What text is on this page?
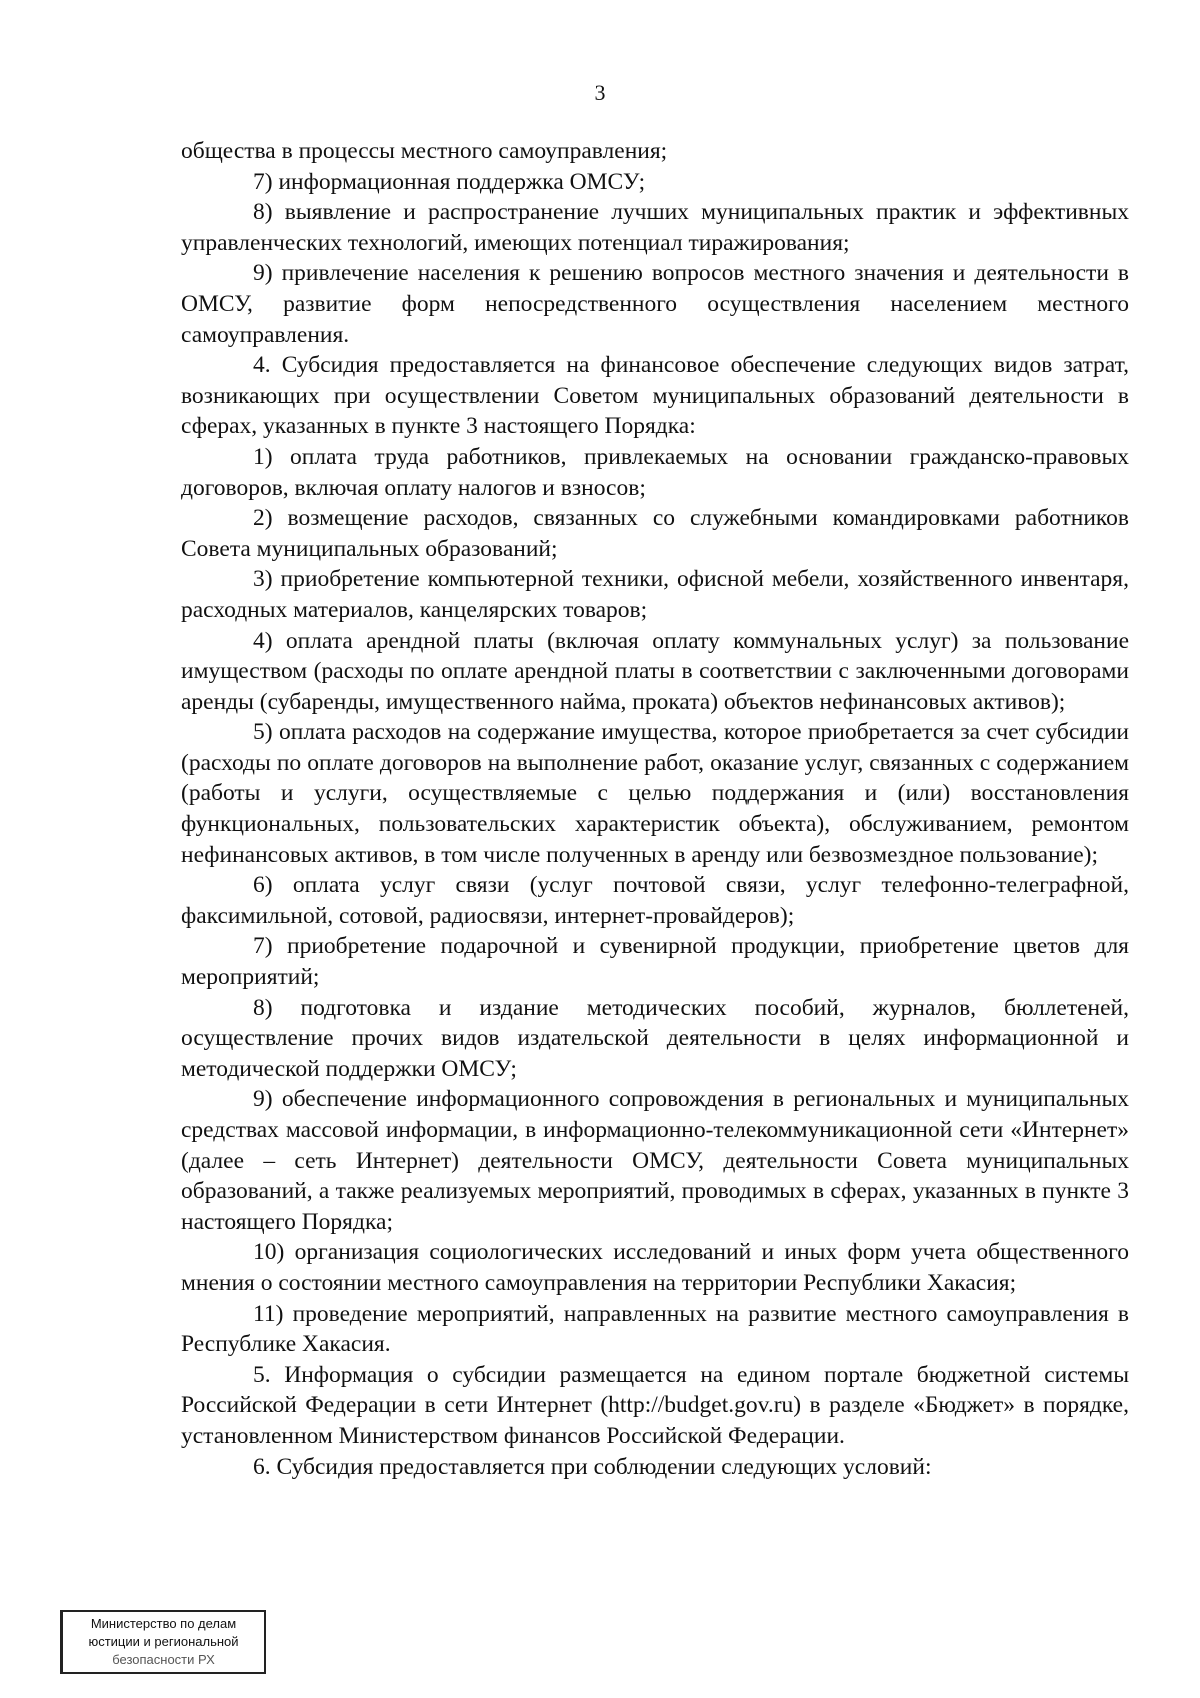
3

общества в процессы местного самоуправления;

7) информационная поддержка ОМСУ;

8) выявление и распространение лучших муниципальных практик и эффективных управленческих технологий, имеющих потенциал тиражирования;

9) привлечение населения к решению вопросов местного значения и деятельности в ОМСУ, развитие форм непосредственного осуществления населением местного самоуправления.

4. Субсидия предоставляется на финансовое обеспечение следующих видов затрат, возникающих при осуществлении Советом муниципальных образований деятельности в сферах, указанных в пункте 3 настоящего Порядка:

1) оплата труда работников, привлекаемых на основании гражданско-правовых договоров, включая оплату налогов и взносов;

2) возмещение расходов, связанных со служебными командировками работников Совета муниципальных образований;

3) приобретение компьютерной техники, офисной мебели, хозяйственного инвентаря, расходных материалов, канцелярских товаров;

4) оплата арендной платы (включая оплату коммунальных услуг) за пользование имуществом (расходы по оплате арендной платы в соответствии с заключенными договорами аренды (субаренды, имущественного найма, проката) объектов нефинансовых активов);

5) оплата расходов на содержание имущества, которое приобретается за счет субсидии (расходы по оплате договоров на выполнение работ, оказание услуг, связанных с содержанием (работы и услуги, осуществляемые с целью поддержания и (или) восстановления функциональных, пользовательских характеристик объекта), обслуживанием, ремонтом нефинансовых активов, в том числе полученных в аренду или безвозмездное пользование);

6) оплата услуг связи (услуг почтовой связи, услуг телефонно-телеграфной, факсимильной, сотовой, радиосвязи, интернет-провайдеров);

7) приобретение подарочной и сувенирной продукции, приобретение цветов для мероприятий;

8) подготовка и издание методических пособий, журналов, бюллетеней, осуществление прочих видов издательской деятельности в целях информационной и методической поддержки ОМСУ;

9) обеспечение информационного сопровождения в региональных и муниципальных средствах массовой информации, в информационно-телекоммуникационной сети «Интернет» (далее – сеть Интернет) деятельности ОМСУ, деятельности Совета муниципальных образований, а также реализуемых мероприятий, проводимых в сферах, указанных в пункте 3 настоящего Порядка;

10) организация социологических исследований и иных форм учета общественного мнения о состоянии местного самоуправления на территории Республики Хакасия;

11) проведение мероприятий, направленных на развитие местного самоуправления в Республике Хакасия.

5. Информация о субсидии размещается на едином портале бюджетной системы Российской Федерации в сети Интернет (http://budget.gov.ru) в разделе «Бюджет» в порядке, установленном Министерством финансов Российской Федерации.

6. Субсидия предоставляется при соблюдении следующих условий:

Министерство по делам
юстиции и региональной
безопасности РХ
